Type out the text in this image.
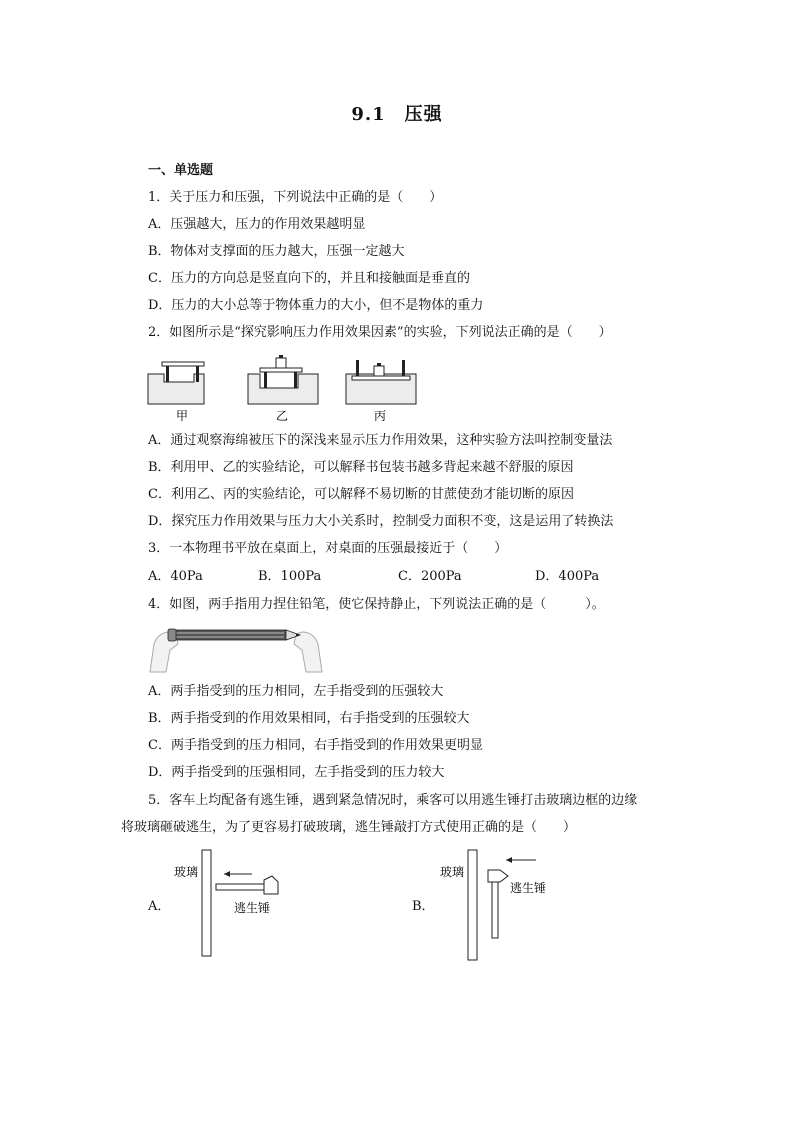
9.1　压强
一、单选题
1．关于压力和压强，下列说法中正确的是（　　）
A．压强越大，压力的作用效果越明显
B．物体对支撑面的压力越大，压强一定越大
C．压力的方向总是竖直向下的，并且和接触面是垂直的
D．压力的大小总等于物体重力的大小，但不是物体的重力
2．如图所示是“探究影响压力作用效果因素”的实验，下列说法正确的是（　　）
甲	乙	丙
A．通过观察海绵被压下的深浅来显示压力作用效果，这种实验方法叫控制变量法
B．利用甲、乙的实验结论，可以解释书包装书越多背起来越不舒服的原因
C．利用乙、丙的实验结论，可以解释不易切断的甘蔗使劲才能切断的原因
D．探究压力作用效果与压力大小关系时，控制受力面积不变，这是运用了转换法
3．一本物理书平放在桌面上，对桌面的压强最接近于（　　）
A．40Pa	B．100Pa	C．200Pa	D．400Pa
4．如图，两手指用力捏住铅笔，使它保持静止，下列说法正确的是（　　　）。
A．两手指受到的压力相同，左手指受到的压强较大
B．两手指受到的作用效果相同，右手指受到的压强较大
C．两手指受到的压力相同，右手指受到的作用效果更明显
D．两手指受到的压强相同，左手指受到的压力较大
5．客车上均配备有逃生锤，遇到紧急情况时，乘客可以用逃生锤打击玻璃边框的边缘
将玻璃砸破逃生，为了更容易打破玻璃，逃生锤敲打方式使用正确的是（　　）
A．
玻璃
逃生锤	B．
玻璃
逃生锤
